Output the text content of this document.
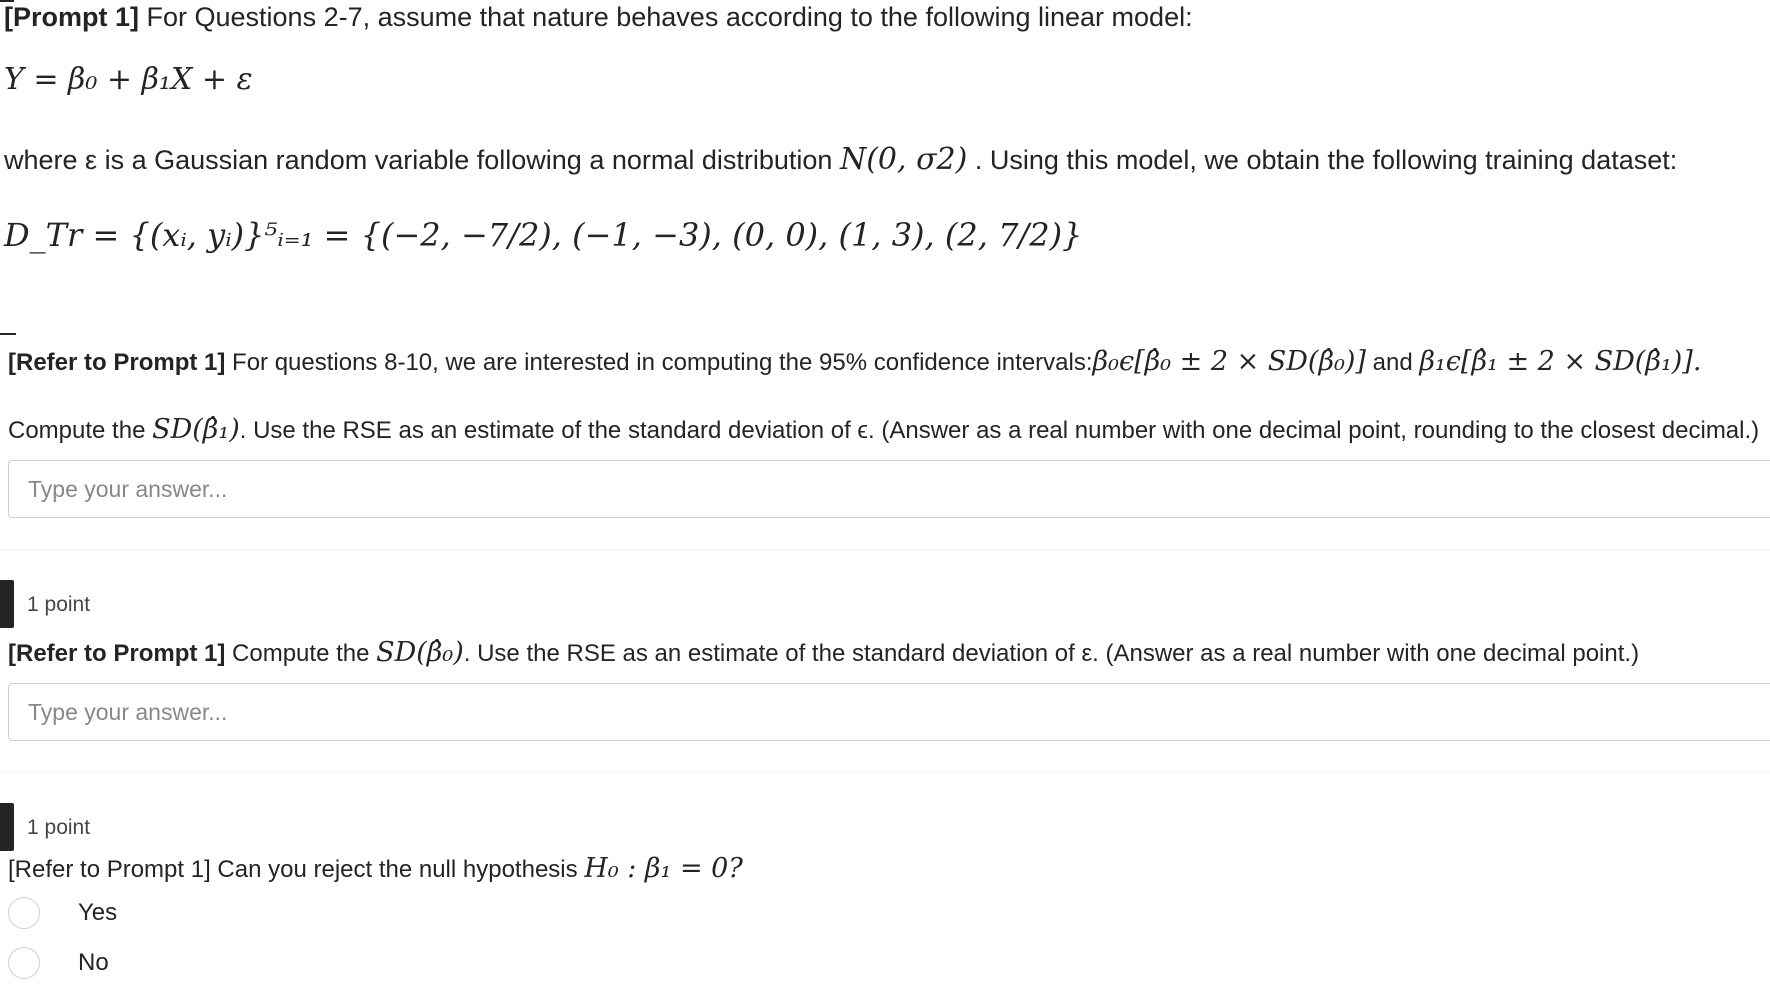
[Prompt 1] For Questions 2-7, assume that nature behaves according to the following linear model:
Y = β₀ + β₁X + ε
where ε is a Gaussian random variable following a normal distribution N(0, σ2) . Using this model, we obtain the following training dataset:
D_Tr = {(xᵢ, yᵢ)}⁵ᵢ₌₁ = {(−2, −7/2), (−1, −3), (0, 0), (1, 3), (2, 7/2)}
[Refer to Prompt 1] For questions 8-10, we are interested in computing the 95% confidence intervals:β₀ϵ[β̂₀ ± 2 × SD(β̂₀)] and β₁ϵ[β̂₁ ± 2 × SD(β̂₁)].
Compute the SD(β̂₁). Use the RSE as an estimate of the standard deviation of ϵ. (Answer as a real number with one decimal point, rounding to the closest decimal.)
Type your answer...
1 point
[Refer to Prompt 1] Compute the SD(β̂₀). Use the RSE as an estimate of the standard deviation of ε. (Answer as a real number with one decimal point.)
Type your answer...
1 point
[Refer to Prompt 1] Can you reject the null hypothesis H₀ : β₁ = 0?
Yes
No
